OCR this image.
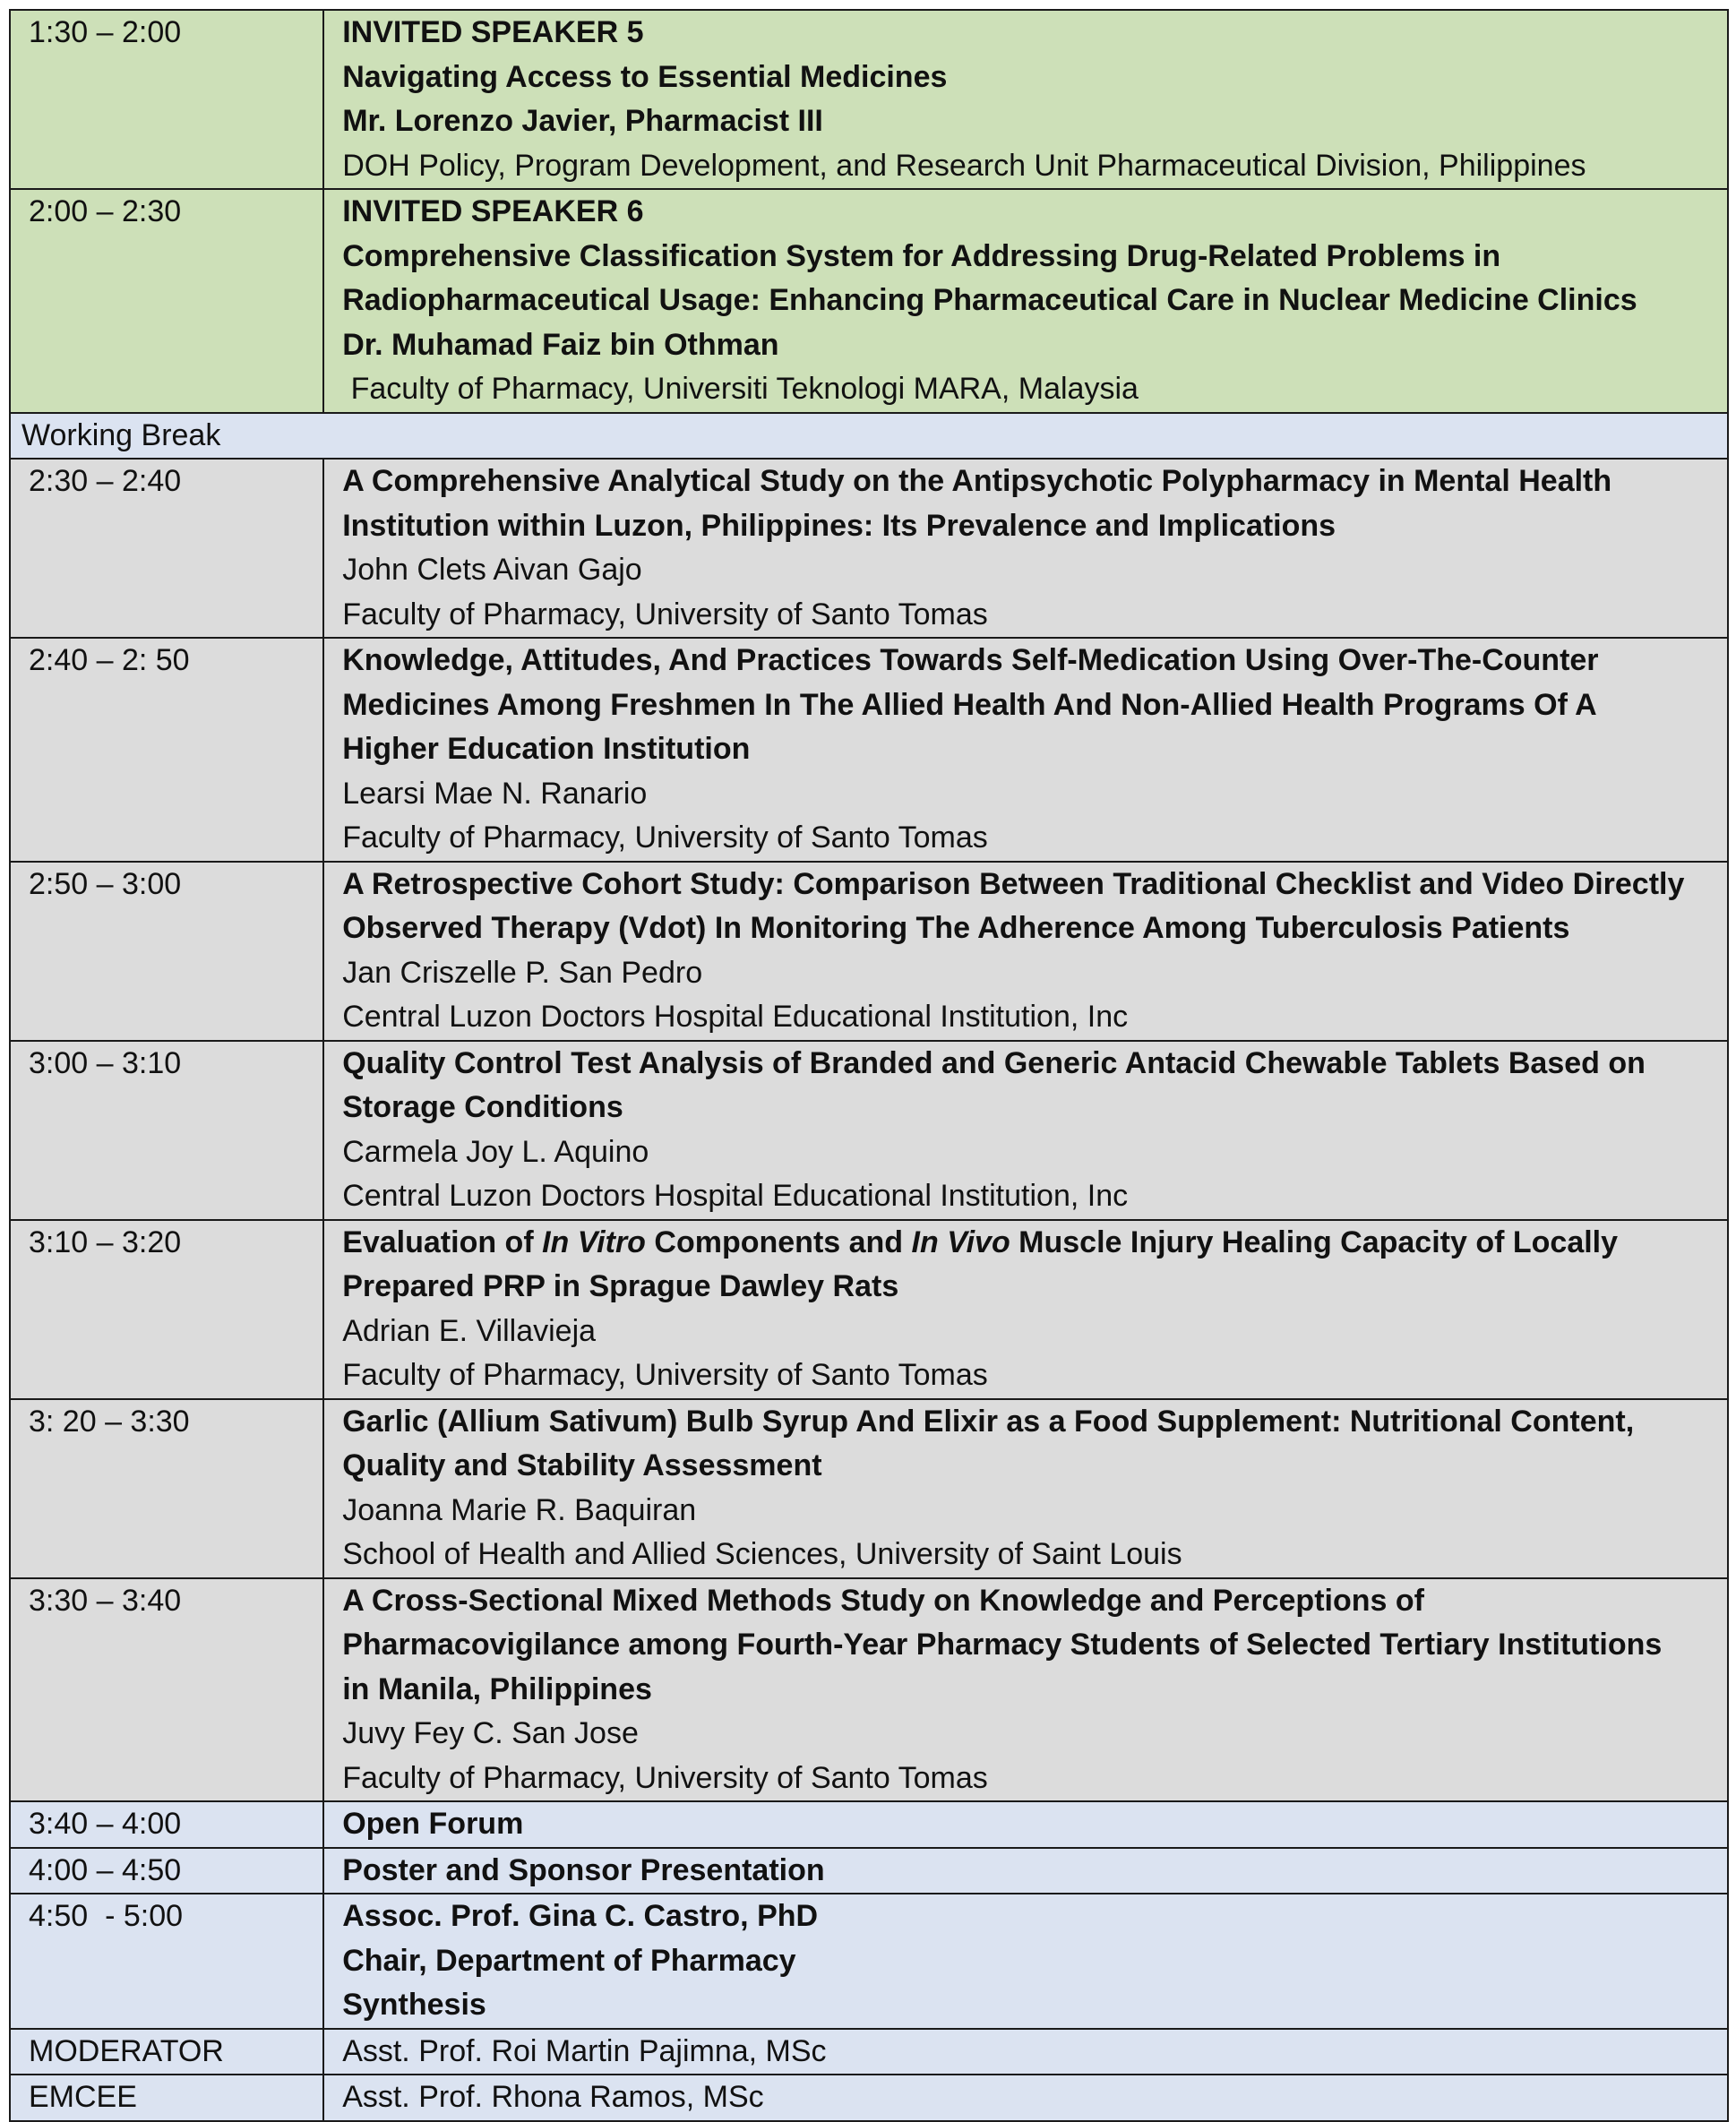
1:30 – 2:00	INVITED SPEAKER 5
Navigating Access to Essential Medicines
Mr. Lorenzo Javier, Pharmacist III
DOH Policy, Program Development, and Research Unit Pharmaceutical Division, Philippines

2:00 – 2:30	INVITED SPEAKER 6
Comprehensive Classification System for Addressing Drug-Related Problems in
Radiopharmaceutical Usage: Enhancing Pharmaceutical Care in Nuclear Medicine Clinics
Dr. Muhamad Faiz bin Othman
Faculty of Pharmacy, Universiti Teknologi MARA, Malaysia

Working Break	
2:30 – 2:40	A Comprehensive Analytical Study on the Antipsychotic Polypharmacy in Mental Health
Institution within Luzon, Philippines: Its Prevalence and Implications
John Clets Aivan Gajo
Faculty of Pharmacy, University of Santo Tomas

2:40 – 2: 50	Knowledge, Attitudes, And Practices Towards Self-Medication Using Over-The-Counter
Medicines Among Freshmen In The Allied Health And Non-Allied Health Programs Of A
Higher Education Institution
Learsi Mae N. Ranario
Faculty of Pharmacy, University of Santo Tomas

2:50 – 3:00	A Retrospective Cohort Study: Comparison Between Traditional Checklist and Video Directly
Observed Therapy (Vdot) In Monitoring The Adherence Among Tuberculosis Patients
Jan Criszelle P. San Pedro
Central Luzon Doctors Hospital Educational Institution, Inc

3:00 – 3:10	Quality Control Test Analysis of Branded and Generic Antacid Chewable Tablets Based on
Storage Conditions
Carmela Joy L. Aquino
Central Luzon Doctors Hospital Educational Institution, Inc

3:10 – 3:20	Evaluation of In Vitro Components and In Vivo Muscle Injury Healing Capacity of Locally
Prepared PRP in Sprague Dawley Rats
Adrian E. Villavieja
Faculty of Pharmacy, University of Santo Tomas

3: 20 – 3:30	Garlic (Allium Sativum) Bulb Syrup And Elixir as a Food Supplement: Nutritional Content,
Quality and Stability Assessment
Joanna Marie R. Baquiran
School of Health and Allied Sciences, University of Saint Louis

3:30 – 3:40	A Cross-Sectional Mixed Methods Study on Knowledge and Perceptions of
Pharmacovigilance among Fourth-Year Pharmacy Students of Selected Tertiary Institutions
in Manila, Philippines
Juvy Fey C. San Jose
Faculty of Pharmacy, University of Santo Tomas

3:40 – 4:00	Open Forum

4:00 – 4:50	Poster and Sponsor Presentation

4:50  - 5:00	Assoc. Prof. Gina C. Castro, PhD
Chair, Department of Pharmacy
Synthesis

MODERATOR	Asst. Prof. Roi Martin Pajimna, MSc

EMCEE	Asst. Prof. Rhona Ramos, MSc
